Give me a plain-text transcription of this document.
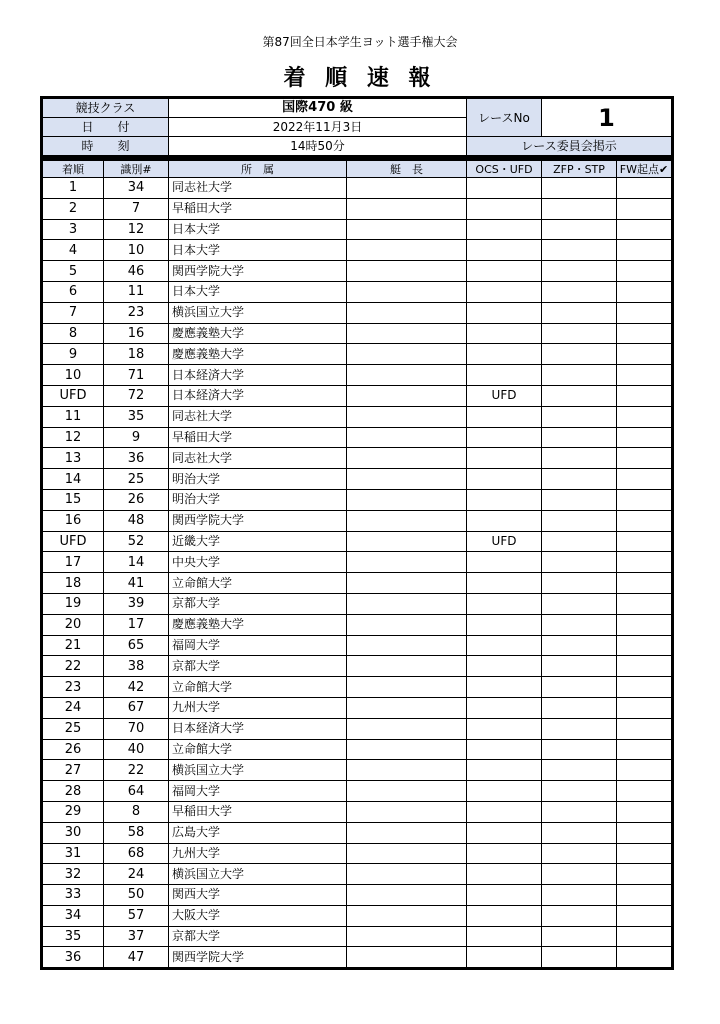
第87回全日本学生ヨット選手権大会
着 順 速 報
競技クラス	国際470 級	レースNo	1
日　　付	2022年11月3日		
時　　刻	14時50分	レース委員会掲示	
着順	識別#	所　属	艇　長	OCS・UFD	ZFP・STP	FW起点✔
1	34	同志社大学				
2	7	早稲田大学				
3	12	日本大学				
4	10	日本大学				
5	46	関西学院大学				
6	11	日本大学				
7	23	横浜国立大学				
8	16	慶應義塾大学				
9	18	慶應義塾大学				
10	71	日本経済大学				
UFD	72	日本経済大学		UFD		
11	35	同志社大学				
12	9	早稲田大学				
13	36	同志社大学				
14	25	明治大学				
15	26	明治大学				
16	48	関西学院大学				
UFD	52	近畿大学		UFD		
17	14	中央大学				
18	41	立命館大学				
19	39	京都大学				
20	17	慶應義塾大学				
21	65	福岡大学				
22	38	京都大学				
23	42	立命館大学				
24	67	九州大学				
25	70	日本経済大学				
26	40	立命館大学				
27	22	横浜国立大学				
28	64	福岡大学				
29	8	早稲田大学				
30	58	広島大学				
31	68	九州大学				
32	24	横浜国立大学				
33	50	関西大学				
34	57	大阪大学				
35	37	京都大学				
36	47	関西学院大学				
